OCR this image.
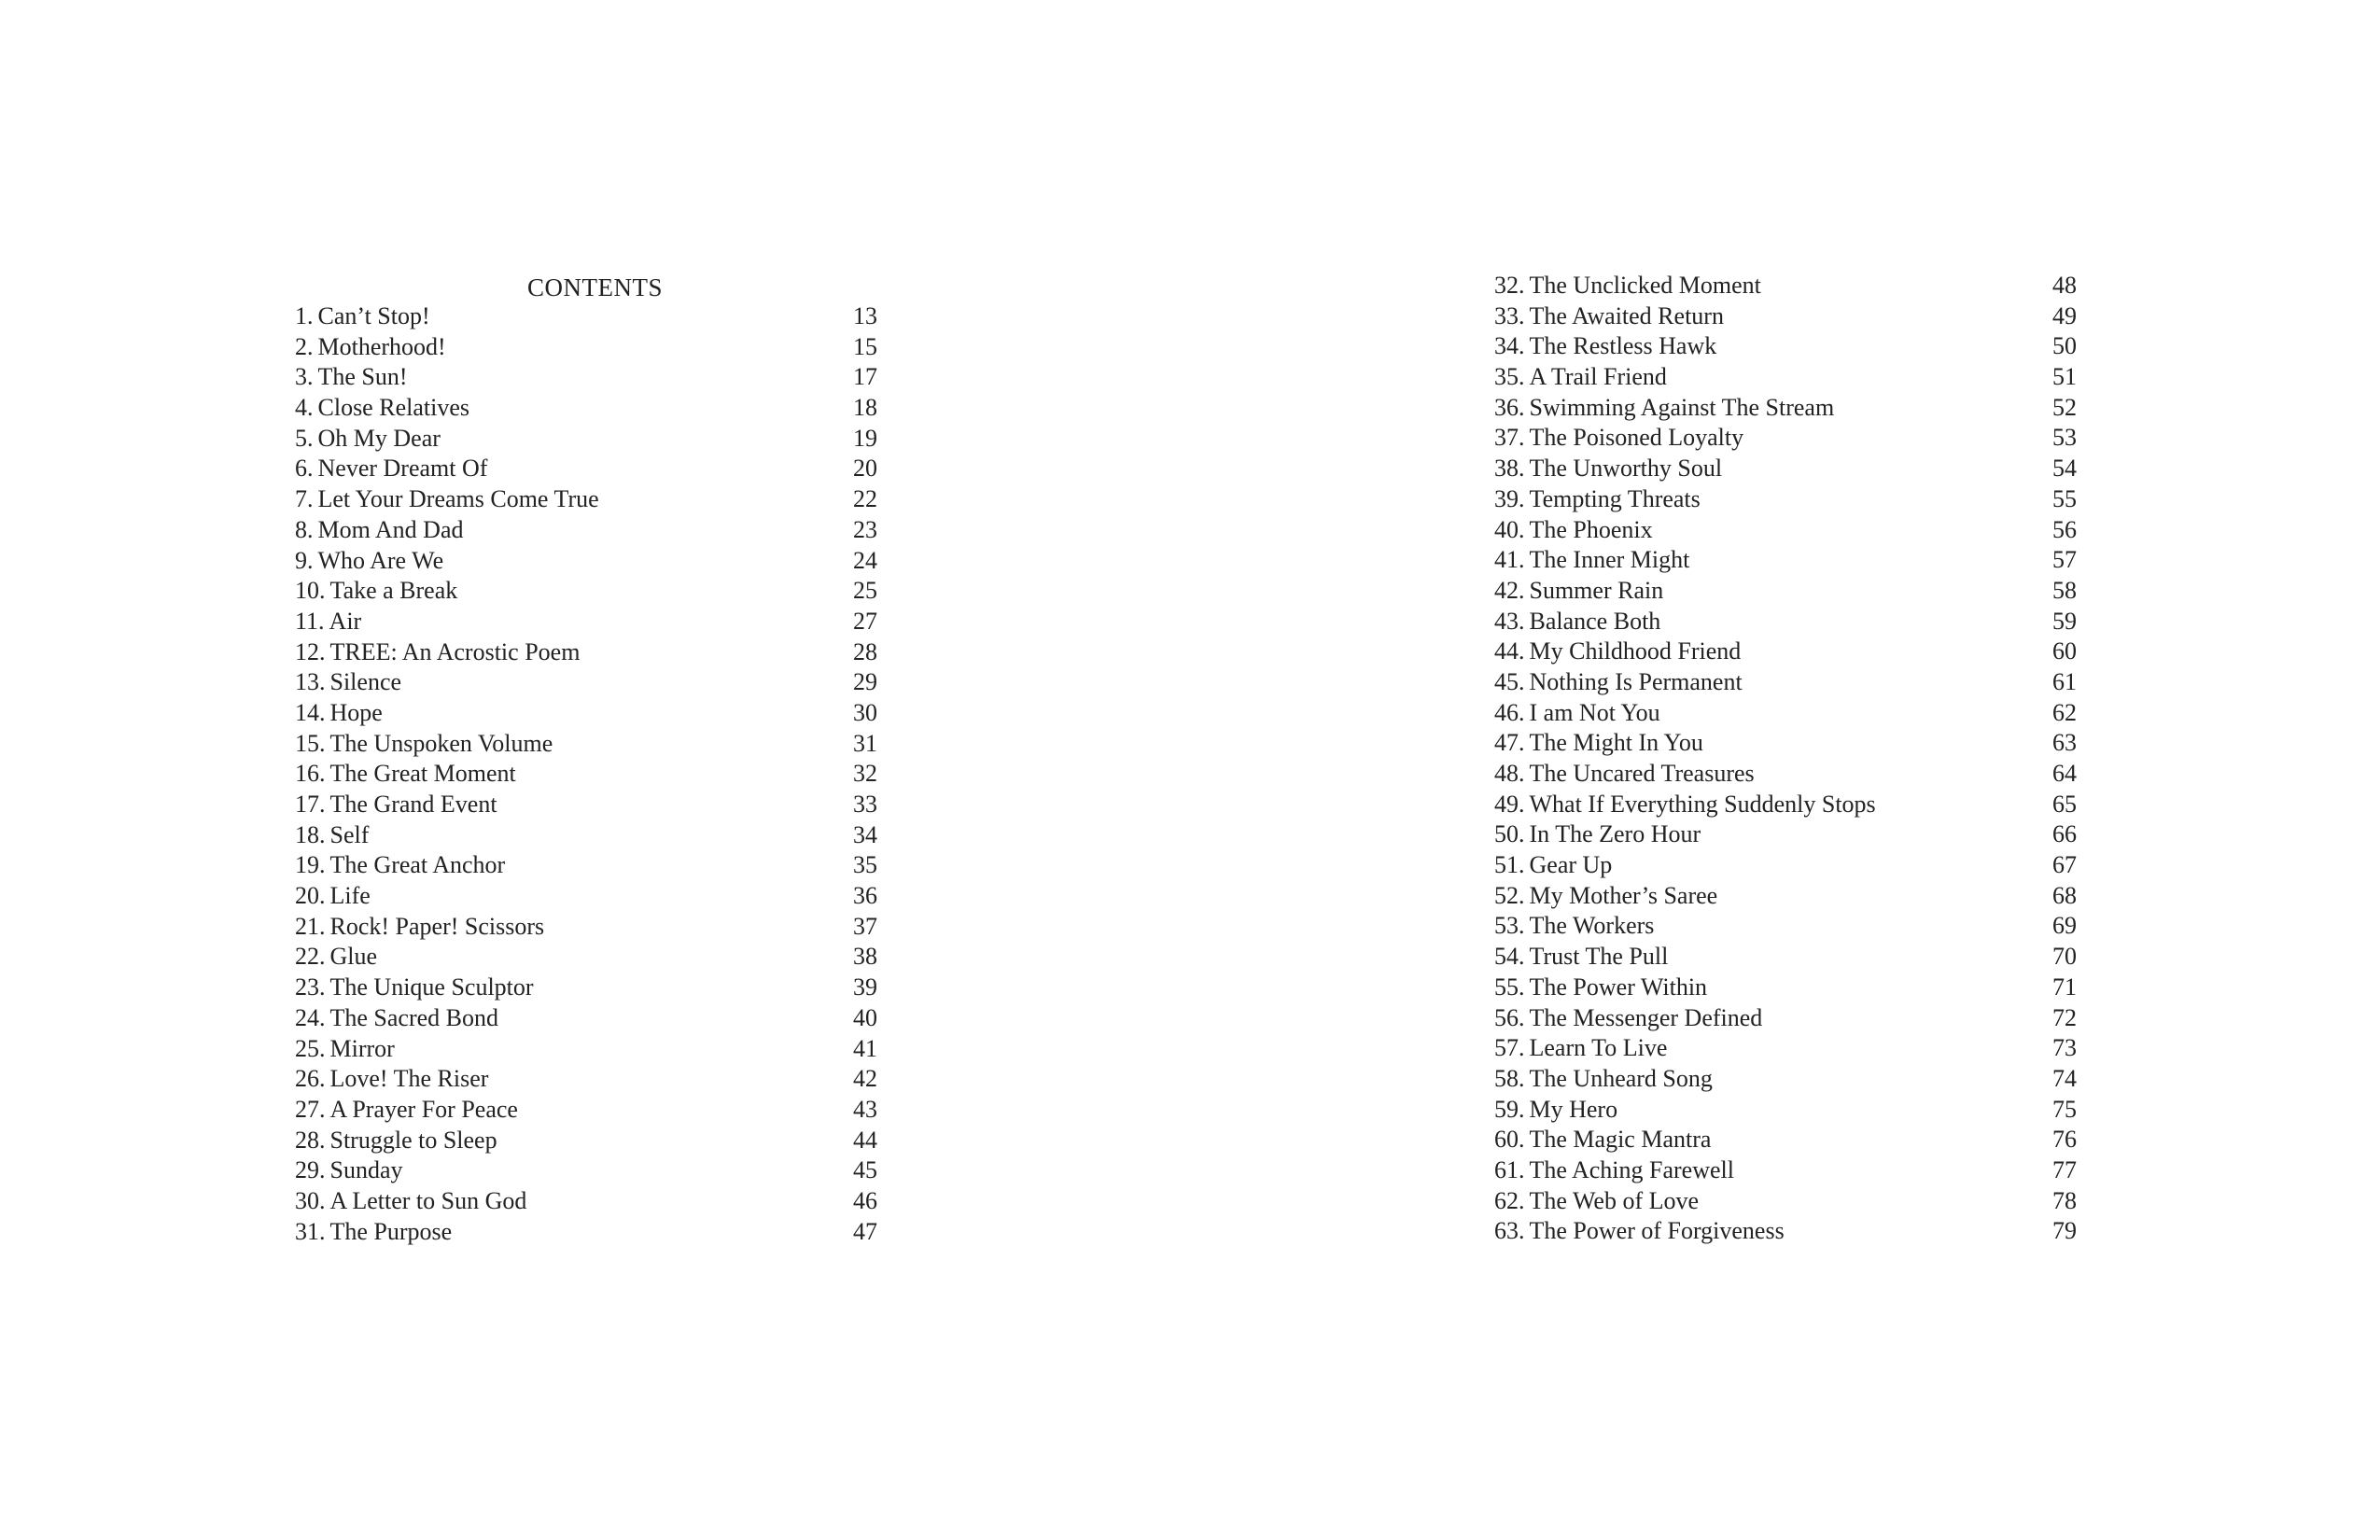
CONTENTS
1. Can’t Stop!	13
2. Motherhood!	15
3. The Sun!	17
4. Close Relatives	18
5. Oh My Dear	19
6. Never Dreamt Of	20
7. Let Your Dreams Come True	22
8. Mom And Dad	23
9. Who Are We	24
10. Take a Break	25
11. Air	27
12. TREE: An Acrostic Poem	28
13. Silence	29
14. Hope	30
15. The Unspoken Volume	31
16. The Great Moment	32
17. The Grand Event	33
18. Self	34
19. The Great Anchor	35
20. Life	36
21. Rock! Paper! Scissors	37
22. Glue	38
23. The Unique Sculptor	39
24. The Sacred Bond	40
25. Mirror	41
26. Love! The Riser	42
27. A Prayer For Peace	43
28. Struggle to Sleep	44
29. Sunday	45
30. A Letter to Sun God	46
31. The Purpose	47
32. The Unclicked Moment	48
33. The Awaited Return	49
34. The Restless Hawk	50
35. A Trail Friend	51
36. Swimming Against The Stream	52
37. The Poisoned Loyalty	53
38. The Unworthy Soul	54
39. Tempting Threats	55
40. The Phoenix	56
41. The Inner Might	57
42. Summer Rain	58
43. Balance Both	59
44. My Childhood Friend	60
45. Nothing Is Permanent	61
46. I am Not You	62
47. The Might In You	63
48. The Uncared Treasures	64
49. What If Everything Suddenly Stops	65
50. In The Zero Hour	66
51. Gear Up	67
52. My Mother’s Saree	68
53. The Workers	69
54. Trust The Pull	70
55. The Power Within	71
56. The Messenger Defined	72
57. Learn To Live	73
58. The Unheard Song	74
59. My Hero	75
60. The Magic Mantra	76
61. The Aching Farewell	77
62. The Web of Love	78
63. The Power of Forgiveness	79
